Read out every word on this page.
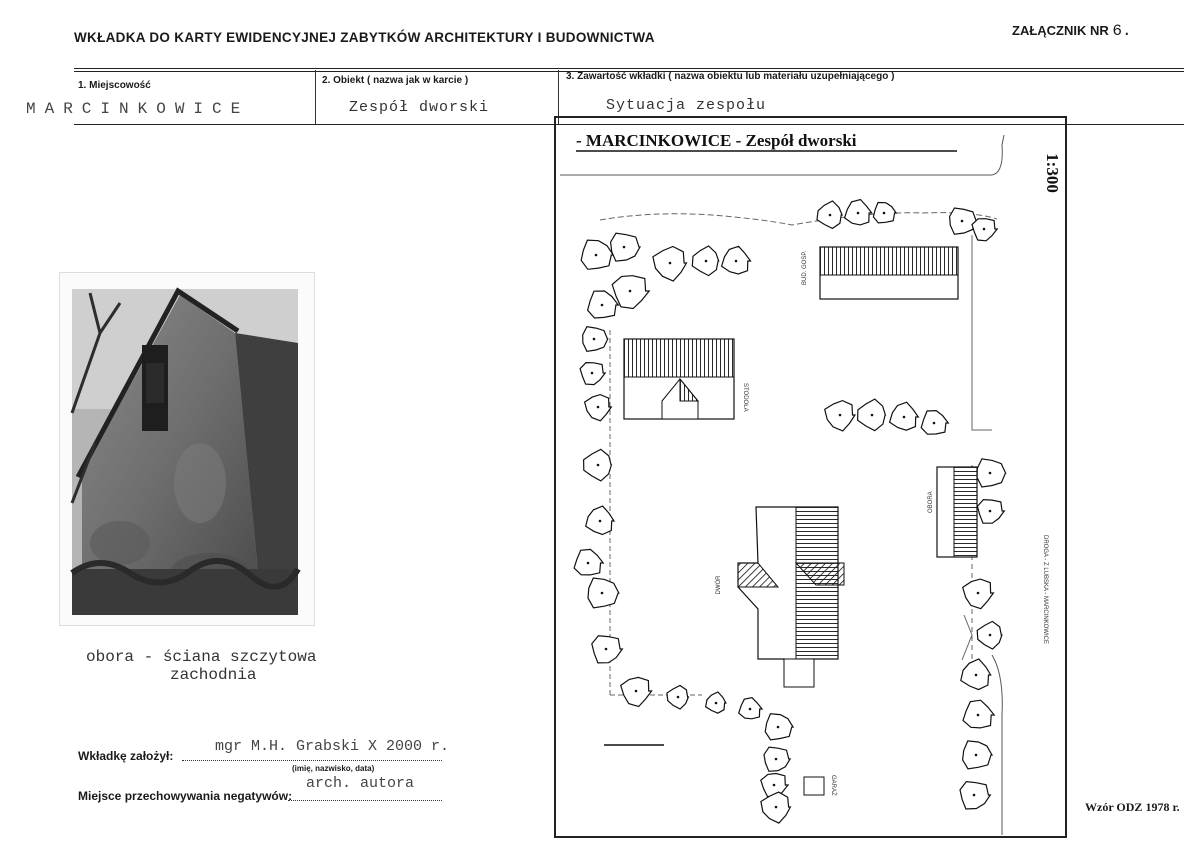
WKŁADKA DO KARTY EWIDENCYJNEJ ZABYTKÓW ARCHITEKTURY I BUDOWNICTWA	ZAŁĄCZNIK NR 6.
1. Miejscowość
MARCINKOWICE
2. Obiekt ( nazwa jak w karcie )
Zespół dworski
3. Zawartość wkładki ( nazwa obiektu lub materiału uzupełniającego )
Sytuacja zespołu
obora - ściana szczytowa
zachodnia
Wkładkę założył:
mgr M.H. Grabski X 2000 r.
(imię, nazwisko, data)
Miejsce przechowywania negatywów:
arch. autora
Wzór ODZ 1978 r.
- MARCINKOWICE - Zespół dworski
1:300
DROGA - Z LUBSKA - MARCINKOWICE
BUD. GOSP.
STODOŁA
OBORA
DWÓR
GARAŻ
